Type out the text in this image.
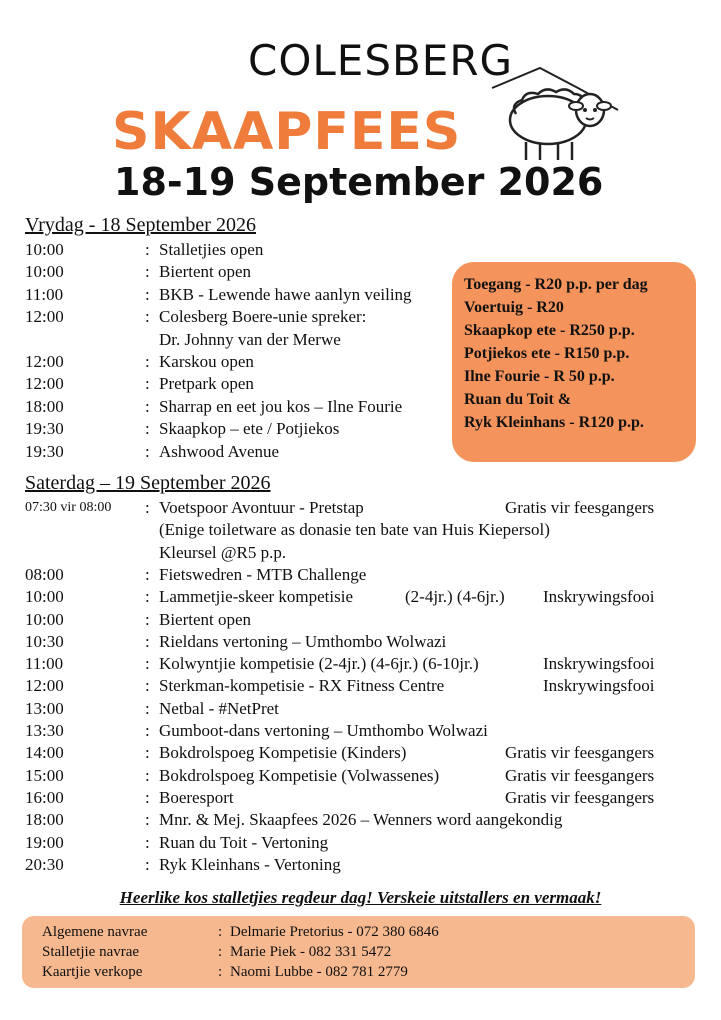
COLESBERG
SKAAPFEES
18-19 September 2026
Vrydag - 18 September 2026
10:00	: Stalletjies open
10:00	: Biertent open
11:00	: BKB - Lewende hawe aanlyn veiling
12:00	: Colesberg Boere-unie spreker:
Dr. Johnny van der Merwe
12:00	: Karskou open
12:00	: Pretpark open
18:00	: Sharrap en eet jou kos – Ilne Fourie
19:30	: Skaapkop – ete / Potjiekos
19:30	: Ashwood Avenue
Toegang - R20 p.p. per dag
Voertuig - R20
Skaapkop ete - R250 p.p.
Potjiekos ete - R150 p.p.
Ilne Fourie - R 50 p.p.
Ruan du Toit &
Ryk Kleinhans - R120 p.p.
Saterdag – 19 September 2026
07:30 vir 08:00 : Voetspoor Avontuur - Pretstap	Gratis vir feesgangers
(Enige toiletware as donasie ten bate van Huis Kiepersol)
Kleursel @R5 p.p.
08:00	: Fietswedren - MTB Challenge
10:00	: Lammetjie-skeer kompetisie	(2-4jr.) (4-6jr.) Inskrywingsfooi
10:00	: Biertent open
10:30	: Rieldans vertoning – Umthombo Wolwazi
11:00	: Kolwyntjie kompetisie (2-4jr.) (4-6jr.) (6-10jr.)	Inskrywingsfooi
12:00	: Sterkman-kompetisie - RX Fitness Centre	Inskrywingsfooi
13:00	: Netbal - #NetPret
13:30	: Gumboot-dans vertoning – Umthombo Wolwazi
14:00	: Bokdrolspoeg Kompetisie (Kinders)	Gratis vir feesgangers
15:00	: Bokdrolspoeg Kompetisie (Volwassenes)	Gratis vir feesgangers
16:00	: Boeresport	Gratis vir feesgangers
18:00	: Mnr. & Mej. Skaapfees 2026 – Wenners word aangekondig
19:00	: Ruan du Toit - Vertoning
20:30	: Ryk Kleinhans - Vertoning
Heerlike kos stalletjies regdeur dag! Verskeie uitstallers en vermaak!
Algemene navrae	: Delmarie Pretorius - 072 380 6846
Stalletjie navrae	: Marie Piek - 082 331 5472
Kaartjie verkope	: Naomi Lubbe - 082 781 2779
